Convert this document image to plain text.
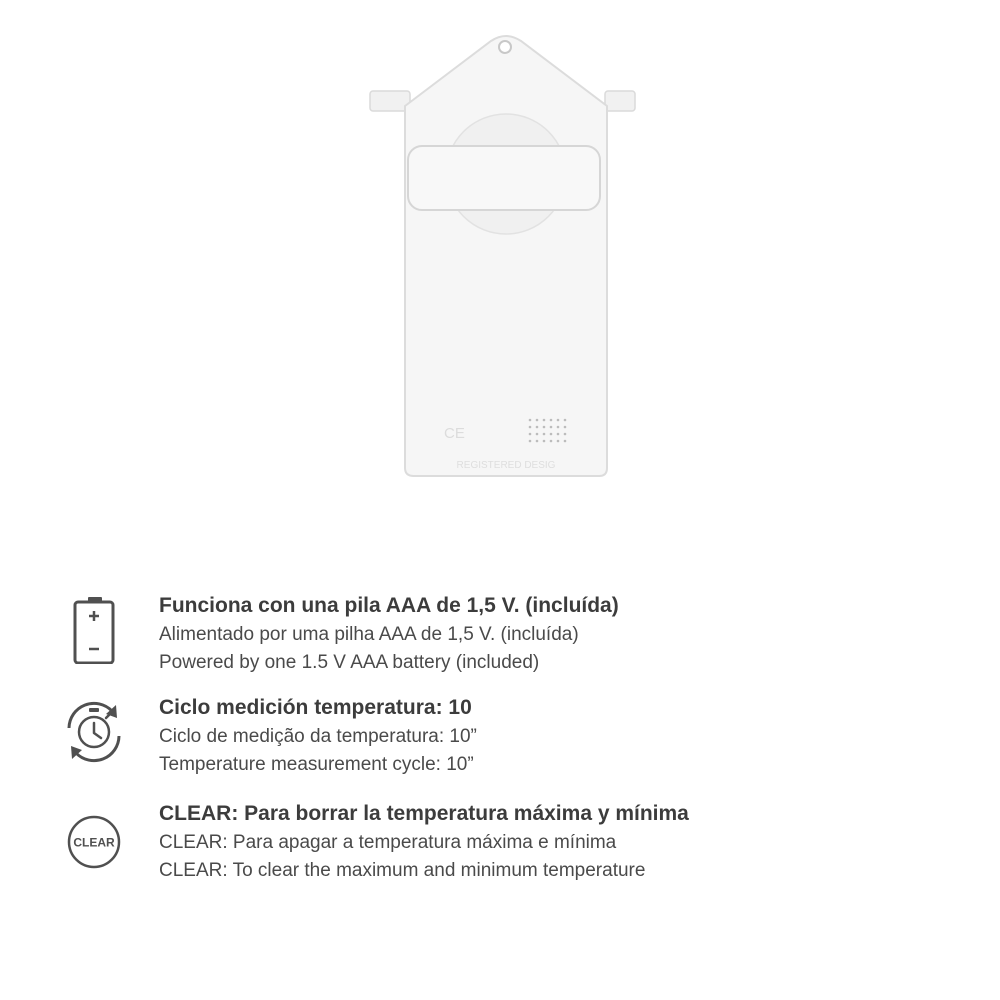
CE
REGISTERED DESIG
Funciona con una pila AAA de 1,5 V. (incluída)
Alimentado por uma pilha AAA de 1,5 V. (incluída)
Powered by one 1.5 V AAA battery (included)
Ciclo medición temperatura: 10
Ciclo de medição da temperatura: 10”
Temperature measurement cycle: 10”
CLEAR
CLEAR: Para borrar la temperatura máxima y mínima
CLEAR: Para apagar a temperatura máxima e mínima
CLEAR: To clear the maximum and minimum temperature
